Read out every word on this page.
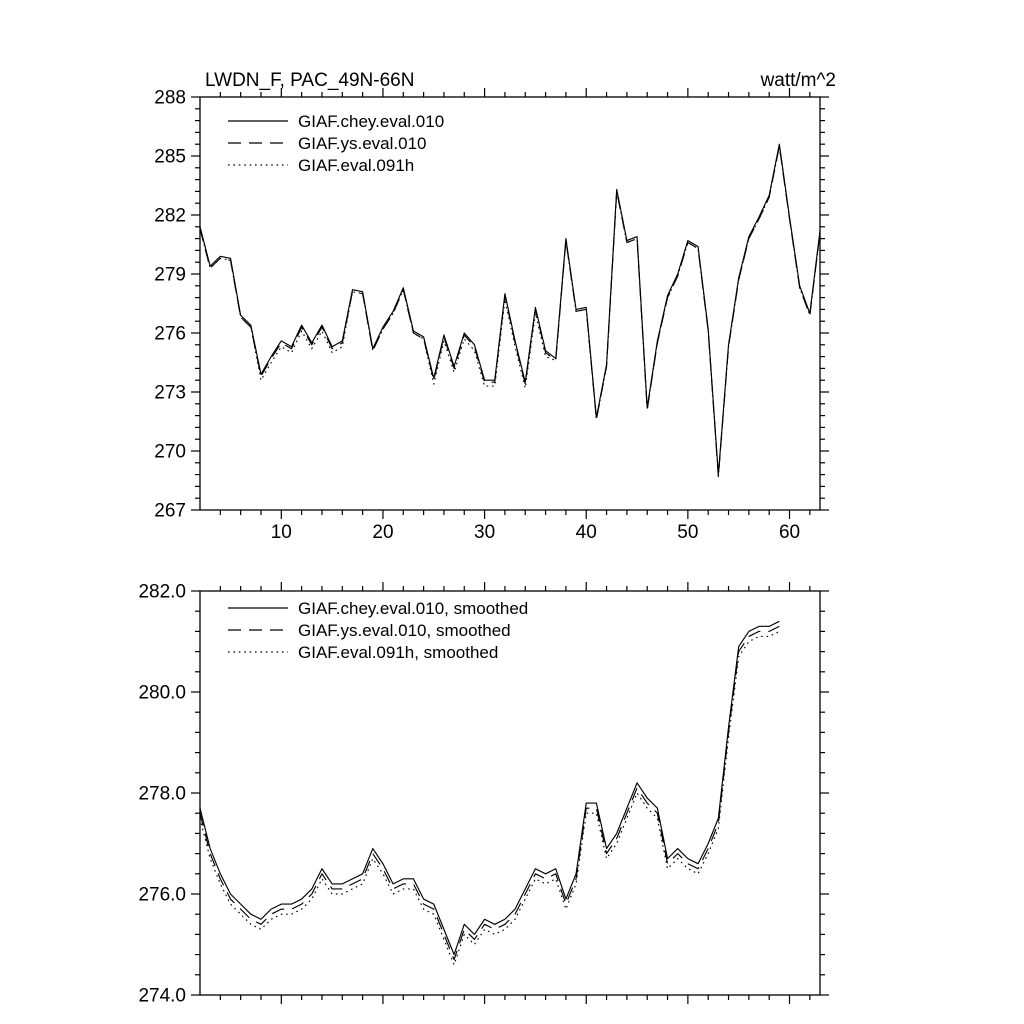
10	20	30	40	50	60
267
270
273
276
279
282
285
288
GIAF.chey.eval.010
GIAF.ys.eval.010
GIAF.eval.091h
274.0
276.0
278.0
280.0
282.0
GIAF.chey.eval.010, smoothed
GIAF.ys.eval.010, smoothed
GIAF.eval.091h, smoothed
LWDN_F, PAC_49N-66N	watt/m^2
